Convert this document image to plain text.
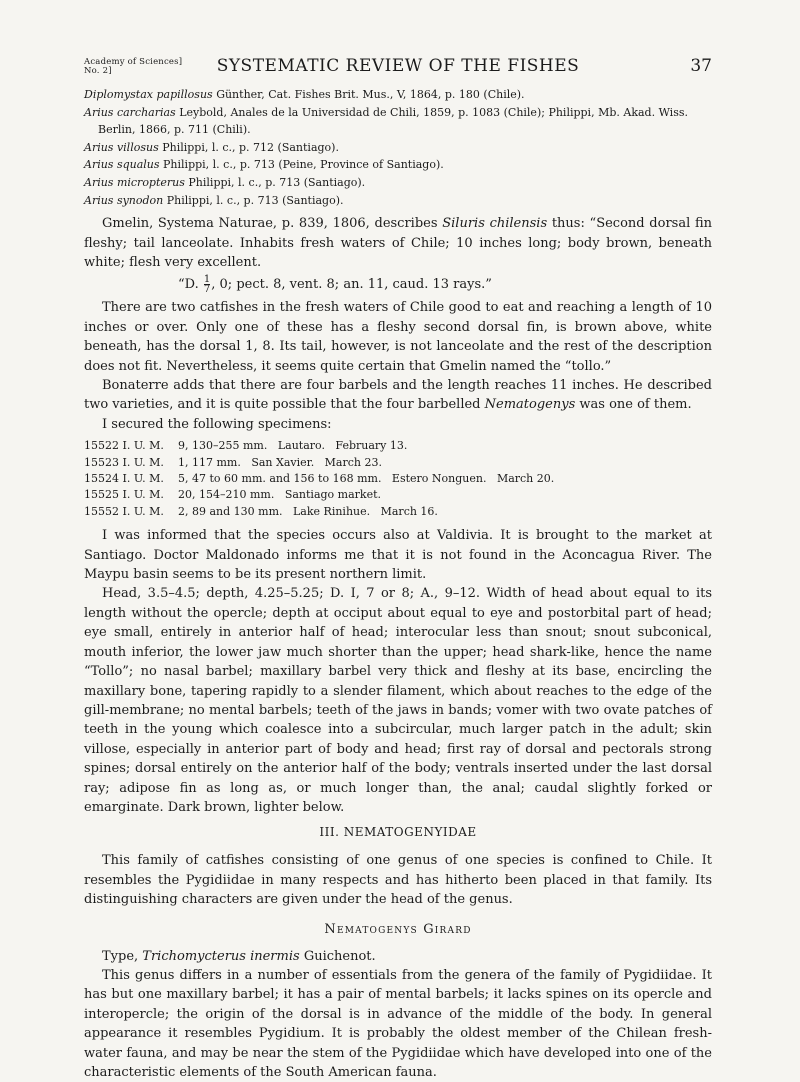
Academy of Sciences]
No. 2]	SYSTEMATIC REVIEW OF THE FISHES	37
Diplomystax papillosus Günther, Cat. Fishes Brit. Mus., V, 1864, p. 180 (Chile).
Arius carcharias Leybold, Anales de la Universidad de Chili, 1859, p. 1083 (Chile); Philippi, Mb. Akad. Wiss.
Berlin, 1866, p. 711 (Chili).
Arius villosus Philippi, l. c., p. 712 (Santiago).
Arius squalus Philippi, l. c., p. 713 (Peine, Province of Santiago).
Arius micropterus Philippi, l. c., p. 713 (Santiago).
Arius synodon Philippi, l. c., p. 713 (Santiago).

Gmelin, Systema Naturae, p. 839, 1806, describes Siluris chilensis thus: “Second dorsal fin fleshy; tail lanceolate. Inhabits fresh waters of Chile; 10 inches long; body brown, beneath white; flesh very excellent.

“D. $\frac{1}{7}$ , 0; pect. 8, vent. 8; an. 11, caud. 13 rays.”

There are two catfishes in the fresh waters of Chile good to eat and reaching a length of 10 inches or over. Only one of these has a fleshy second dorsal fin, is brown above, white beneath, has the dorsal 1, 8. Its tail, however, is not lanceolate and the rest of the description does not fit. Nevertheless, it seems quite certain that Gmelin named the “tollo.”

Bonaterre adds that there are four barbels and the length reaches 11 inches. He described two varieties, and it is quite possible that the four barbelled Nematogenys was one of them.

I secured the following specimens:

15522 I. U. M.	9, 130–255 mm.   Lautaro.   February 13.
15523 I. U. M.	1, 117 mm.   San Xavier.   March 23.
15524 I. U. M.	5, 47 to 60 mm. and 156 to 168 mm.   Estero Nonguen.   March 20.
15525 I. U. M.	20, 154–210 mm.   Santiago market.
15552 I. U. M.	2, 89 and 130 mm.   Lake Rinihue.   March 16.

I was informed that the species occurs also at Valdivia. It is brought to the market at Santiago. Doctor Maldonado informs me that it is not found in the Aconcagua River. The Maypu basin seems to be its present northern limit.

Head, 3.5–4.5; depth, 4.25–5.25; D. I, 7 or 8; A., 9–12. Width of head about equal to its length without the opercle; depth at occiput about equal to eye and postorbital part of head; eye small, entirely in anterior half of head; interocular less than snout; snout subconical, mouth inferior, the lower jaw much shorter than the upper; head shark-like, hence the name “Tollo”; no nasal barbel; maxillary barbel very thick and fleshy at its base, encircling the maxillary bone, tapering rapidly to a slender filament, which about reaches to the edge of the gill-membrane; no mental barbels; teeth of the jaws in bands; vomer with two ovate patches of teeth in the young which coalesce into a subcircular, much larger patch in the adult; skin villose, especially in anterior part of body and head; first ray of dorsal and pectorals strong spines; dorsal entirely on the anterior half of the body; ventrals inserted under the last dorsal ray; adipose fin as long as, or much longer than, the anal; caudal slightly forked or emarginate. Dark brown, lighter below.

III. NEMATOGENYIDAE

This family of catfishes consisting of one genus of one species is confined to Chile. It resembles the Pygidiidae in many respects and has hitherto been placed in that family. Its distinguishing characters are given under the head of the genus.

Nematogenys Girard

Type, Trichomycterus inermis Guichenot.

This genus differs in a number of essentials from the genera of the family of Pygidiidae. It has but one maxillary barbel; it has a pair of mental barbels; it lacks spines on its opercle and interopercle; the origin of the dorsal is in advance of the middle of the body. In general appearance it resembles Pygidium. It is probably the oldest member of the Chilean fresh-water fauna, and may be near the stem of the Pygidiidae which have developed into one of the characteristic elements of the South American fauna.
